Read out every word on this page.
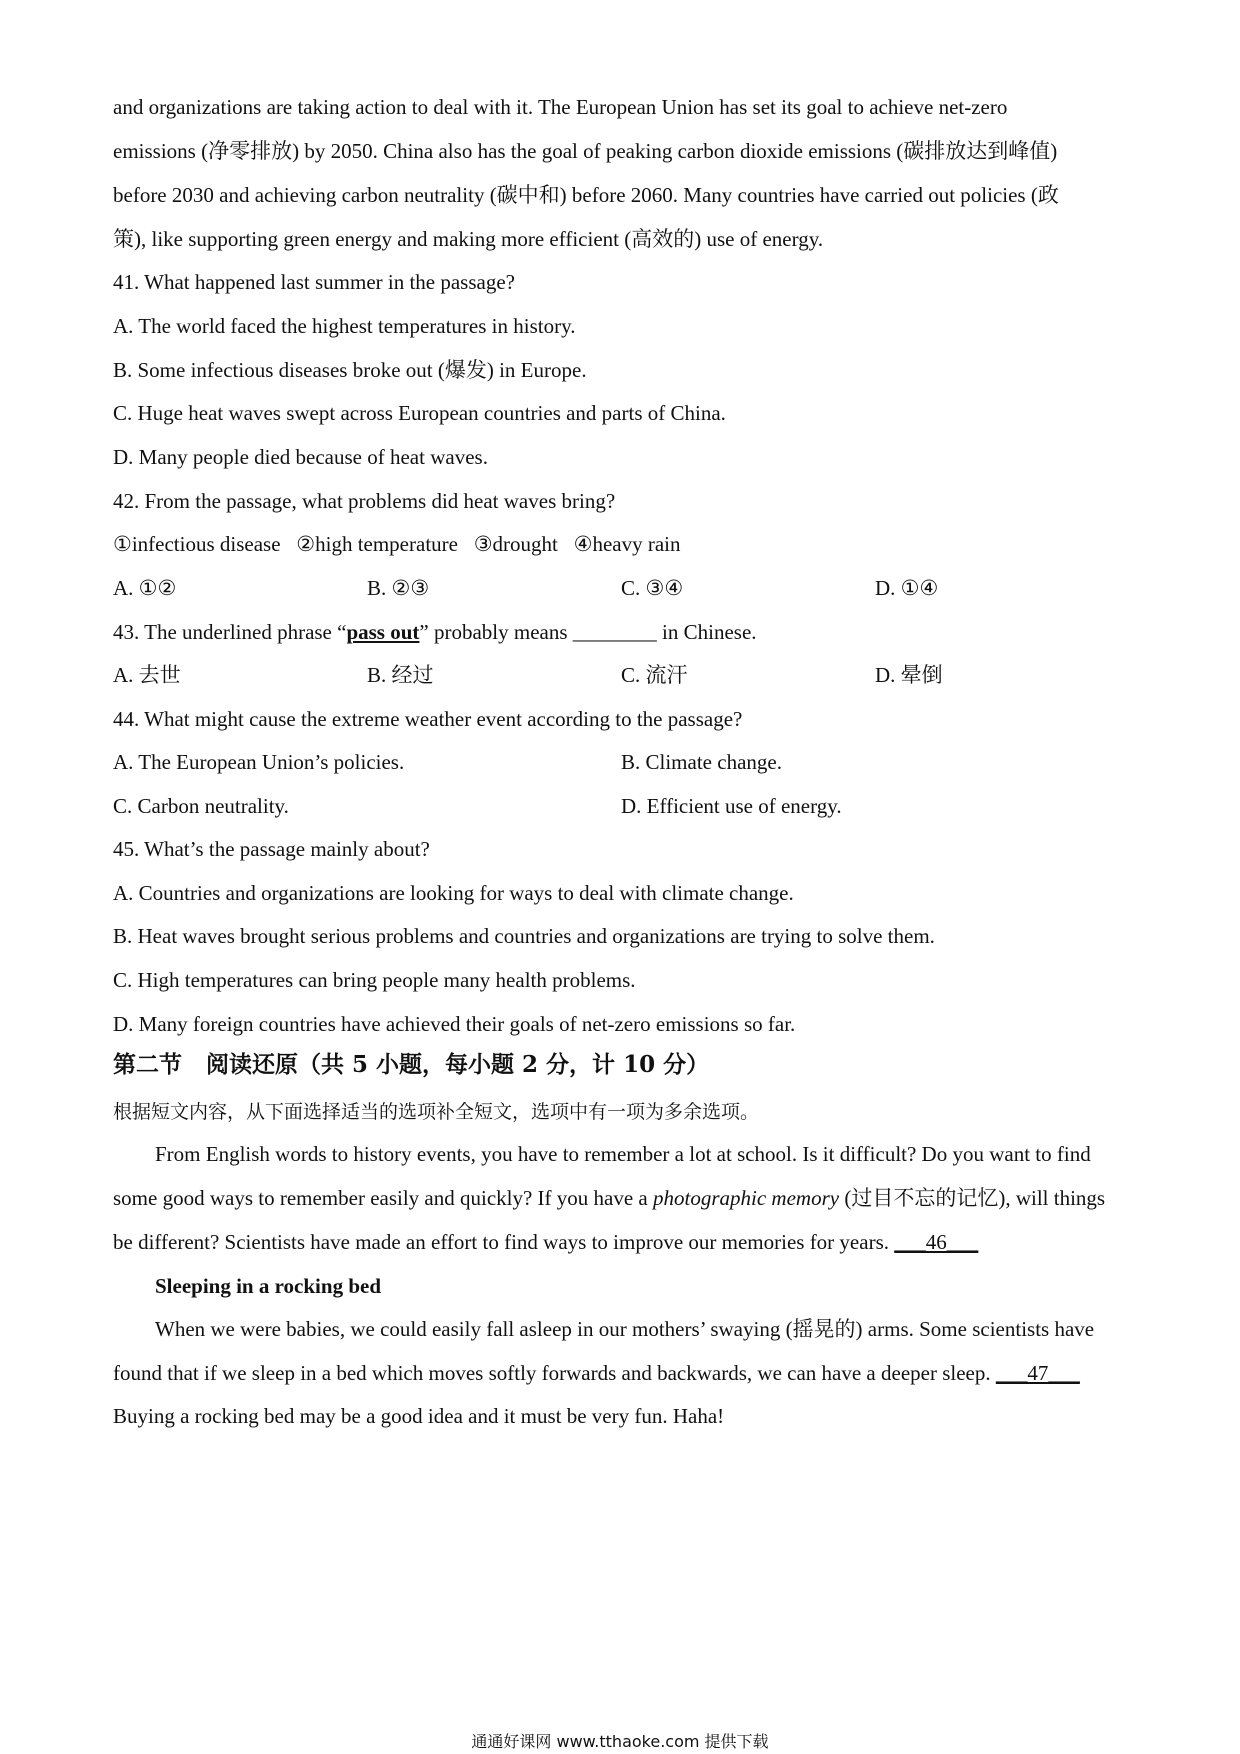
and organizations are taking action to deal with it. The European Union has set its goal to achieve net-zero
emissions (净零排放) by 2050. China also has the goal of peaking carbon dioxide emissions (碳排放达到峰值)
before 2030 and achieving carbon neutrality (碳中和) before 2060. Many countries have carried out policies (政
策), like supporting green energy and making more efficient (高效的) use of energy.
41. What happened last summer in the passage?
A. The world faced the highest temperatures in history.
B. Some infectious diseases broke out (爆发) in Europe.
C. Huge heat waves swept across European countries and parts of China.
D. Many people died because of heat waves.
42. From the passage, what problems did heat waves bring?
①infectious disease   ②high temperature   ③drought   ④heavy rain
A. ①②	B. ②③	C. ③④	D. ①④
43. The underlined phrase “pass out” probably means ________ in Chinese.
A. 去世	B. 经过	C. 流汗	D. 晕倒
44. What might cause the extreme weather event according to the passage?
A. The European Union’s policies.	B. Climate change.
C. Carbon neutrality.	D. Efficient use of energy.
45. What’s the passage mainly about?
A. Countries and organizations are looking for ways to deal with climate change.
B. Heat waves brought serious problems and countries and organizations are trying to solve them.
C. High temperatures can bring people many health problems.
D. Many foreign countries have achieved their goals of net-zero emissions so far.
第二节   阅读还原（共 5 小题，每小题 2 分，计 10 分）
根据短文内容，从下面选择适当的选项补全短文，选项中有一项为多余选项。
From English words to history events, you have to remember a lot at school. Is it difficult? Do you want to find
some good ways to remember easily and quickly? If you have a photographic memory (过目不忘的记忆), will things
be different? Scientists have made an effort to find ways to improve our memories for years. ___46___
Sleeping in a rocking bed
When we were babies, we could easily fall asleep in our mothers’ swaying (摇晃的) arms. Some scientists have
found that if we sleep in a bed which moves softly forwards and backwards, we can have a deeper sleep. ___47___
Buying a rocking bed may be a good idea and it must be very fun. Haha!
通通好课网 www.tthaoke.com 提供下载
